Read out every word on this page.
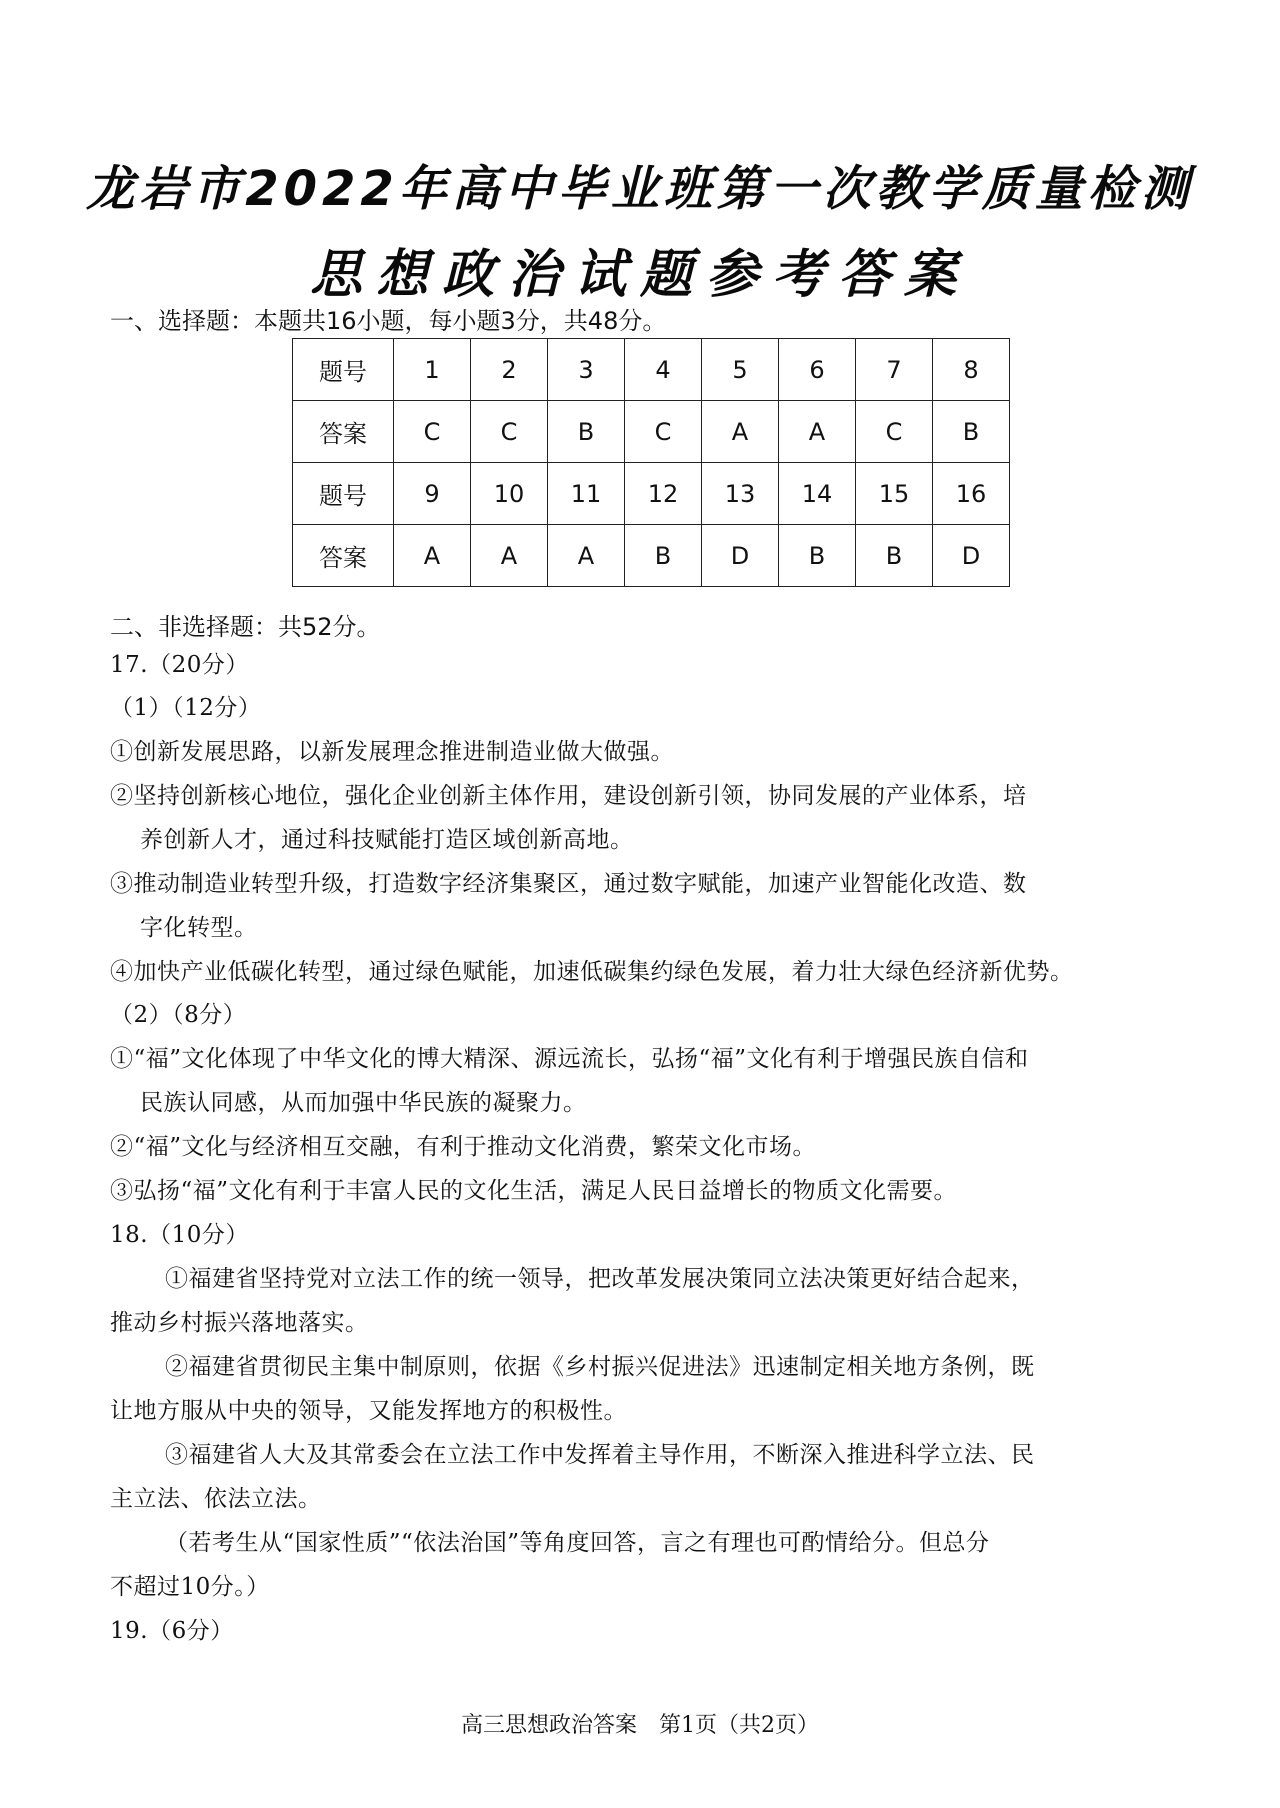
龙岩市2022年高中毕业班第一次教学质量检测
思想政治试题参考答案
一、选择题：本题共16小题，每小题3分，共48分。
题号	1	2	3	4	5	6	7	8
答案	C	C	B	C	A	A	C	B
题号	9	10	11	12	13	14	15	16
答案	A	A	A	B	D	B	B	D
二、非选择题：共52分。
17.（20分）
（1）（12分）
①创新发展思路，以新发展理念推进制造业做大做强。
②坚持创新核心地位，强化企业创新主体作用，建设创新引领，协同发展的产业体系，培
养创新人才，通过科技赋能打造区域创新高地。
③推动制造业转型升级，打造数字经济集聚区，通过数字赋能，加速产业智能化改造、数
字化转型。
④加快产业低碳化转型，通过绿色赋能，加速低碳集约绿色发展，着力壮大绿色经济新优势。
（2）（8分）
①“福”文化体现了中华文化的博大精深、源远流长，弘扬“福”文化有利于增强民族自信和
民族认同感，从而加强中华民族的凝聚力。
②“福”文化与经济相互交融，有利于推动文化消费，繁荣文化市场。
③弘扬“福”文化有利于丰富人民的文化生活，满足人民日益增长的物质文化需要。
18.（10分）
①福建省坚持党对立法工作的统一领导，把改革发展决策同立法决策更好结合起来，
推动乡村振兴落地落实。
②福建省贯彻民主集中制原则，依据《乡村振兴促进法》迅速制定相关地方条例，既
让地方服从中央的领导，又能发挥地方的积极性。
③福建省人大及其常委会在立法工作中发挥着主导作用，不断深入推进科学立法、民
主立法、依法立法。
（若考生从“国家性质”“依法治国”等角度回答，言之有理也可酌情给分。但总分
不超过10分。）
19.（6分）
高三思想政治答案　第1页（共2页）
